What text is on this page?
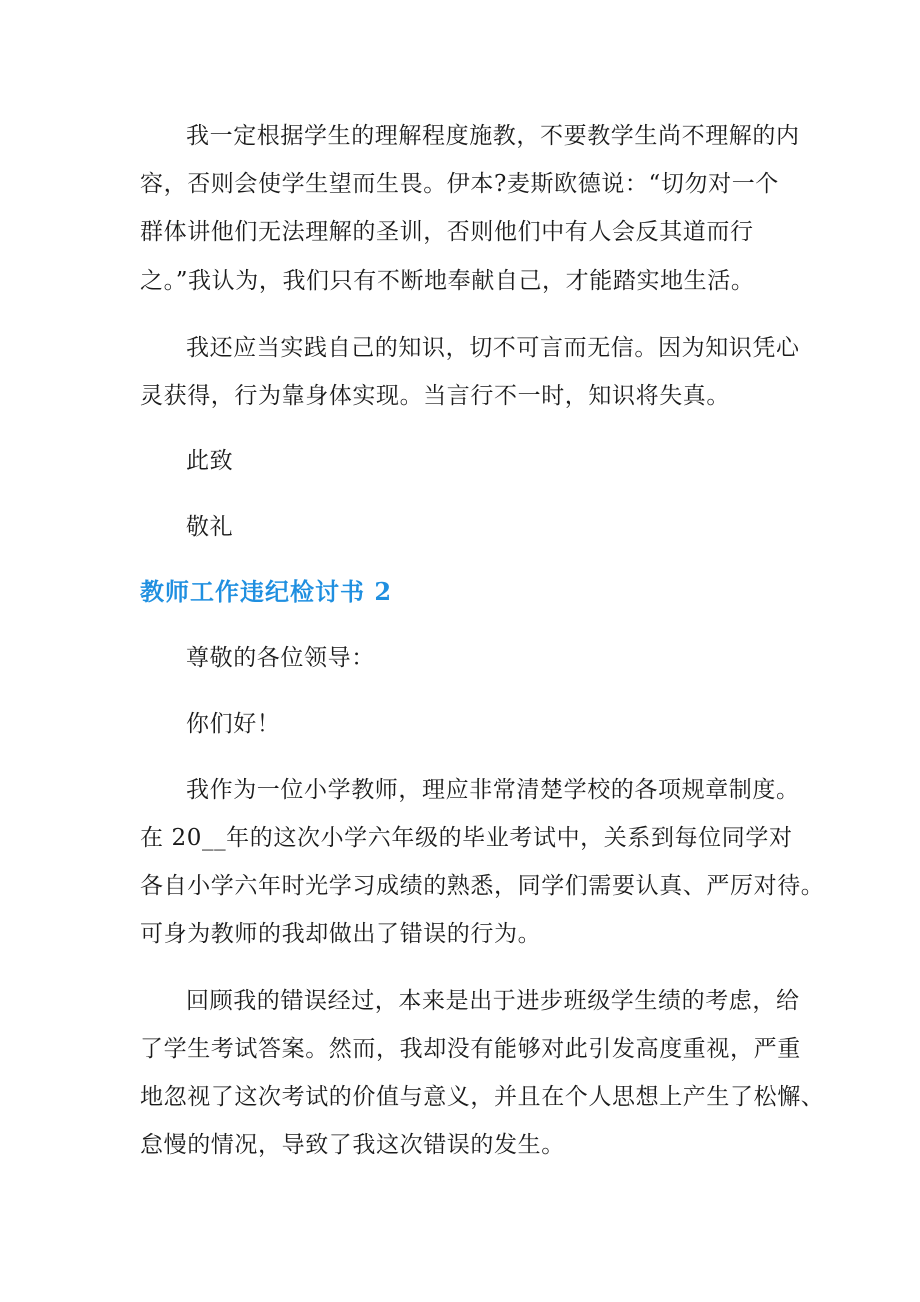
我一定根据学生的理解程度施教，不要教学生尚不理解的内
容，否则会使学生望而生畏。伊本?麦斯欧德说：“切勿对一个
群体讲他们无法理解的圣训，否则他们中有人会反其道而行
之。”我认为，我们只有不断地奉献自己，才能踏实地生活。
我还应当实践自己的知识，切不可言而无信。因为知识凭心
灵获得，行为靠身体实现。当言行不一时，知识将失真。
此致
敬礼
教师工作违纪检讨书 2
尊敬的各位领导：
你们好！
我作为一位小学教师，理应非常清楚学校的各项规章制度。
在 20__年的这次小学六年级的毕业考试中，关系到每位同学对
各自小学六年时光学习成绩的熟悉，同学们需要认真、严厉对待。
可身为教师的我却做出了错误的行为。
回顾我的错误经过，本来是出于进步班级学生绩的考虑，给
了学生考试答案。然而，我却没有能够对此引发高度重视，严重
地忽视了这次考试的价值与意义，并且在个人思想上产生了松懈、
怠慢的情况，导致了我这次错误的发生。
